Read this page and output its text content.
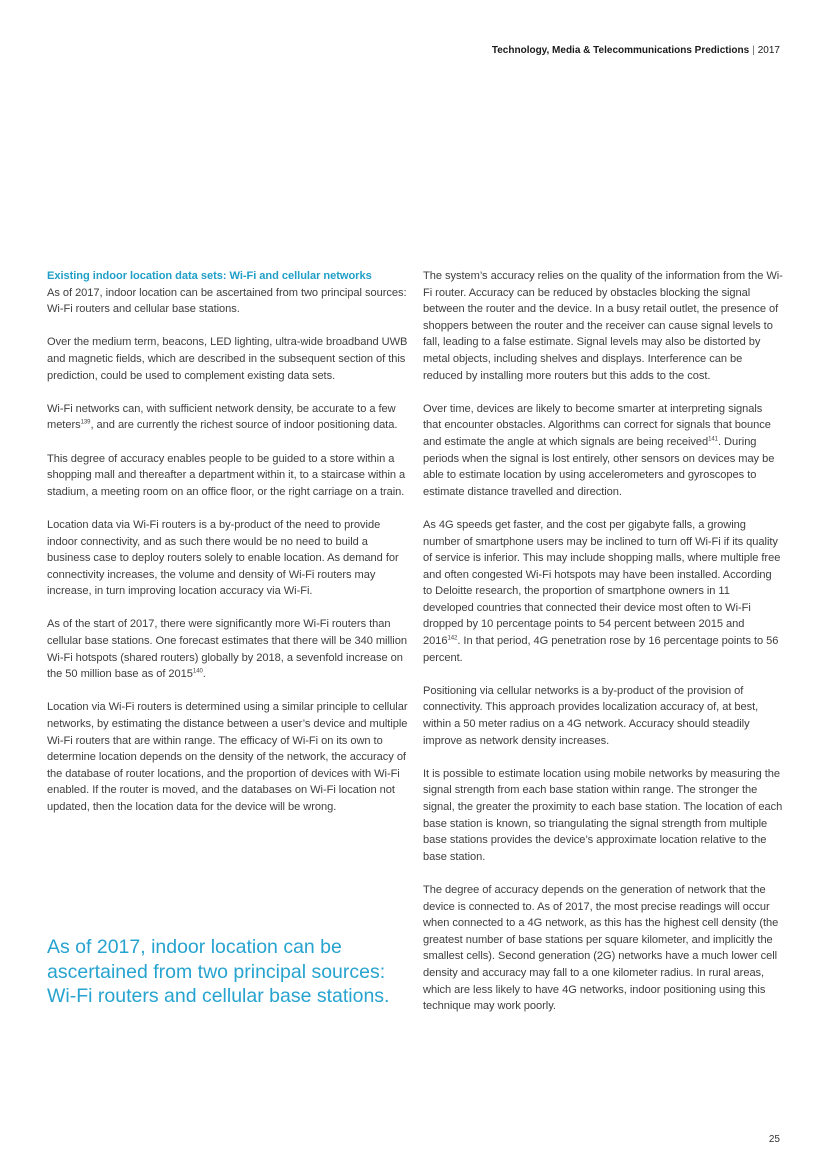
Technology, Media & Telecommunications Predictions | 2017

Existing indoor location data sets: Wi-Fi and cellular networks
As of 2017, indoor location can be ascertained from two principal sources: Wi-Fi routers and cellular base stations.

Over the medium term, beacons, LED lighting, ultra-wide broadband UWB and magnetic fields, which are described in the subsequent section of this prediction, could be used to complement existing data sets.

Wi-Fi networks can, with sufficient network density, be accurate to a few meters$^{139}$, and are currently the richest source of indoor positioning data.

This degree of accuracy enables people to be guided to a store within a shopping mall and thereafter a department within it, to a staircase within a stadium, a meeting room on an office floor, or the right carriage on a train.

Location data via Wi-Fi routers is a by-product of the need to provide indoor connectivity, and as such there would be no need to build a business case to deploy routers solely to enable location. As demand for connectivity increases, the volume and density of Wi-Fi routers may increase, in turn improving location accuracy via Wi-Fi.

As of the start of 2017, there were significantly more Wi-Fi routers than cellular base stations. One forecast estimates that there will be 340 million Wi-Fi hotspots (shared routers) globally by 2018, a sevenfold increase on the 50 million base as of 2015$^{140}$.

Location via Wi-Fi routers is determined using a similar principle to cellular networks, by estimating the distance between a user’s device and multiple Wi-Fi routers that are within range. The efficacy of Wi-Fi on its own to determine location depends on the density of the network, the accuracy of the database of router locations, and the proportion of devices with Wi-Fi enabled. If the router is moved, and the databases on Wi-Fi location not updated, then the location data for the device will be wrong.

As of 2017, indoor location can be ascertained from two principal sources: Wi-Fi routers and cellular base stations.

The system’s accuracy relies on the quality of the information from the Wi-Fi router. Accuracy can be reduced by obstacles blocking the signal between the router and the device. In a busy retail outlet, the presence of shoppers between the router and the receiver can cause signal levels to fall, leading to a false estimate. Signal levels may also be distorted by metal objects, including shelves and displays. Interference can be reduced by installing more routers but this adds to the cost.

Over time, devices are likely to become smarter at interpreting signals that encounter obstacles. Algorithms can correct for signals that bounce and estimate the angle at which signals are being received$^{141}$. During periods when the signal is lost entirely, other sensors on devices may be able to estimate location by using accelerometers and gyroscopes to estimate distance travelled and direction.

As 4G speeds get faster, and the cost per gigabyte falls, a growing number of smartphone users may be inclined to turn off Wi-Fi if its quality of service is inferior. This may include shopping malls, where multiple free and often congested Wi-Fi hotspots may have been installed. According to Deloitte research, the proportion of smartphone owners in 11 developed countries that connected their device most often to Wi-Fi dropped by 10 percentage points to 54 percent between 2015 and 2016$^{142}$. In that period, 4G penetration rose by 16 percentage points to 56 percent.

Positioning via cellular networks is a by-product of the provision of connectivity. This approach provides localization accuracy of, at best, within a 50 meter radius on a 4G network. Accuracy should steadily improve as network density increases.

It is possible to estimate location using mobile networks by measuring the signal strength from each base station within range. The stronger the signal, the greater the proximity to each base station. The location of each base station is known, so triangulating the signal strength from multiple base stations provides the device’s approximate location relative to the base station.

The degree of accuracy depends on the generation of network that the device is connected to. As of 2017, the most precise readings will occur when connected to a 4G network, as this has the highest cell density (the greatest number of base stations per square kilometer, and implicitly the smallest cells). Second generation (2G) networks have a much lower cell density and accuracy may fall to a one kilometer radius. In rural areas, which are less likely to have 4G networks, indoor positioning using this technique may work poorly.

25
